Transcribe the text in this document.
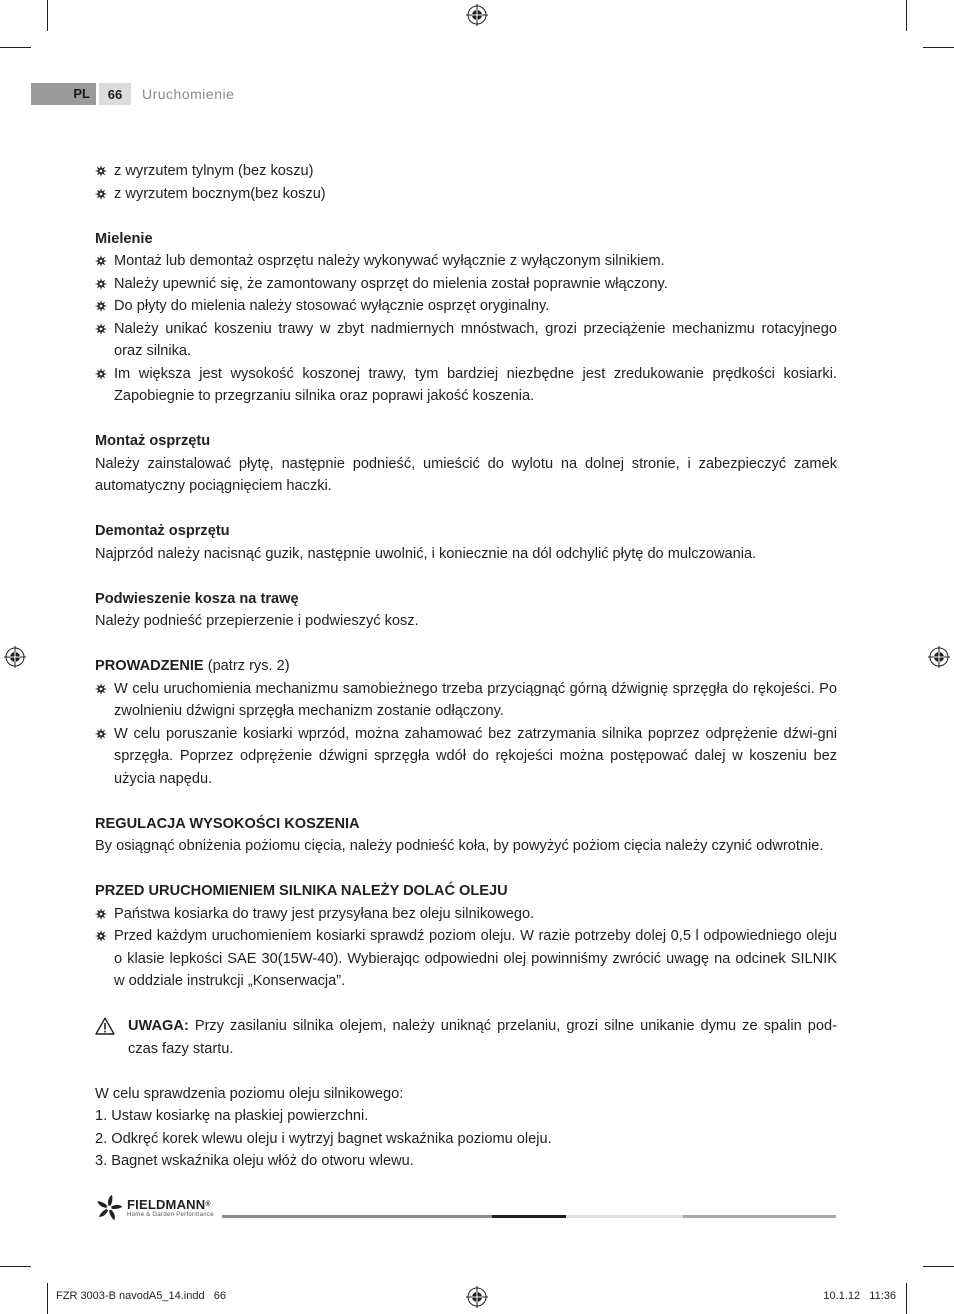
PL	66	Uruchomienie
z wyrzutem tylnym (bez koszu)
z wyrzutem bocznym(bez koszu)

Mielenie

Montaż lub demontaż osprzętu należy wykonywać wyłącznie z wyłączonym silnikiem.
Należy upewnić się, że zamontowany osprzęt do mielenia został poprawnie włączony.
Do płyty do mielenia należy stosować wyłącznie osprzęt oryginalny.
Należy unikać koszeniu trawy w zbyt nadmiernych mnóstwach, grozi przeciążenie mechanizmu rotacyjnego oraz silnika.
Im większa jest wysokość koszonej trawy, tym bardziej niezbędne jest zredukowanie prędkości kosiarki. Zapobiegnie to przegrzaniu silnika oraz poprawi jakość koszenia.

Montaż osprzętu

Należy zainstalować płytę, następnie podnieść, umieścić do wylotu na dolnej stronie, i zabezpieczyć zamek automatyczny pociągnięciem haczki.

Demontaż osprzętu

Najprzód należy nacisnąć guzik, następnie uwolnić, i koniecznie na dól odchylić płytę do mulczowania.

Podwieszenie kosza na trawę

Należy podnieść przepierzenie i podwieszyć kosz.

PROWADZENIE (patrz rys. 2)

W celu uruchomienia mechanizmu samobieżnego trzeba przyciągnąć górną dźwignię sprzęgła do rękojeści. Po zwolnieniu dźwigni sprzęgła mechanizm zostanie odłączony.
W celu poruszanie kosiarki wprzód, można zahamować bez zatrzymania silnika poprzez odprężenie dźwi-gni sprzęgła. Poprzez odprężenie dźwigni sprzęgła wdół do rękojeści można postępować dalej w koszeniu bez użycia napędu.

REGULACJA WYSOKOŚCI KOSZENIA

By osiągnąć obniżenia pożiomu cięcia, należy podnieść koła, by powyżyć pożiom cięcia należy czynić odwrotnie.

PRZED URUCHOMIENIEM SILNIKA NALEŻY DOLAĆ OLEJU

Państwa kosiarka do trawy jest przysyłana bez oleju silnikowego.
Przed każdym uruchomieniem kosiarki sprawdź poziom oleju. W razie potrzeby dolej 0,5 l odpowiedniego oleju o klasie lepkości SAE 30(15W-40). Wybierajqc odpowiedni olej powinniśmy zwrócić uwagę na odcinek SILNIK w oddziale instrukcji „Konserwacja”.

UWAGA: Przy zasilaniu silnika olejem, należy uniknąć przelaniu, grozi silne unikanie dymu ze spalin pod-czas fazy startu.

W celu sprawdzenia poziomu oleju silnikowego:

1. Ustaw kosiarkę na płaskiej powierzchni.

2. Odkręć korek wlewu oleju i wytrzyj bagnet wskaźnika poziomu oleju.

3. Bagnet wskaźnika oleju włóż do otworu wlewu.

FIELDMANN®
Home & Garden Performance
FZR 3003-B navodA5_14.indd   66	10.1.12   11:36
